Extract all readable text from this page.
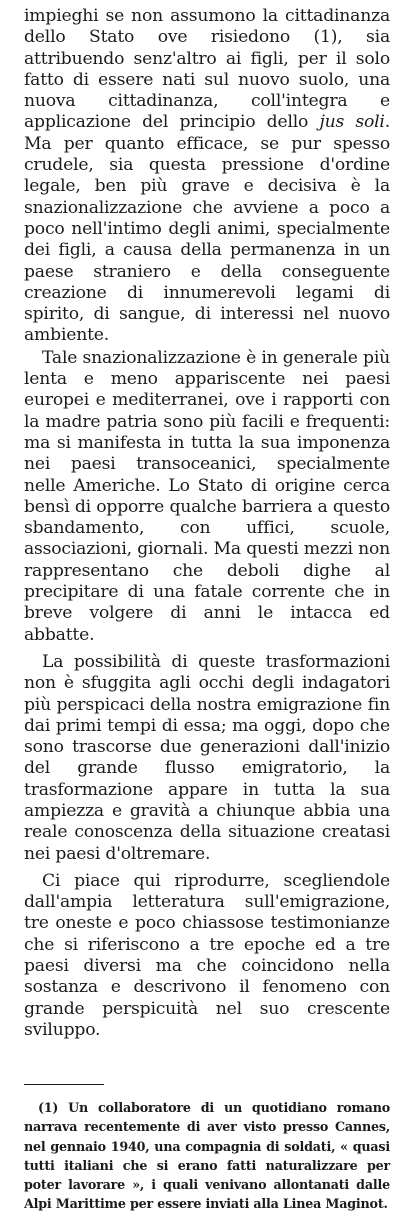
impieghi se non assumono la cittadinanza dello Stato ove risiedono (1), sia attribuendo senz'altro ai figli, per il solo fatto di essere nati sul nuovo suolo, una nuova cittadinanza, coll'integra e applicazione del principio dello jus soli. Ma per quanto efficace, se pur spesso crudele, sia questa pressione d'ordine legale, ben più grave e decisiva è la snazionalizzazione che avviene a poco a poco nell'intimo degli animi, specialmente dei figli, a causa della permanenza in un paese straniero e della conseguente creazione di innumerevoli legami di spirito, di sangue, di interessi nel nuovo ambiente.

Tale snazionalizzazione è in generale più lenta e meno appariscente nei paesi europei e mediterranei, ove i rapporti con la madre patria sono più facili e frequenti: ma si manifesta in tutta la sua imponenza nei paesi transoceanici, specialmente nelle Americhe. Lo Stato di origine cerca bensì di opporre qualche barriera a questo sbandamento, con uffici, scuole, associazioni, giornali. Ma questi mezzi non rappresentano che deboli dighe al precipitare di una fatale corrente che in breve volgere di anni le intacca ed abbatte.

La possibilità di queste trasformazioni non è sfuggita agli occhi degli indagatori più perspicaci della nostra emigrazione fin dai primi tempi di essa; ma oggi, dopo che sono trascorse due generazioni dall'inizio del grande flusso emigratorio, la trasformazione appare in tutta la sua ampiezza e gravità a chiunque abbia una reale conoscenza della situazione creatasi nei paesi d'oltremare.

Ci piace qui riprodurre, scegliendole dall'ampia letteratura sull'emigrazione, tre oneste e poco chiassose testimonianze che si riferiscono a tre epoche ed a tre paesi diversi ma che coincidono nella sostanza e descrivono il fenomeno con grande perspicuità nel suo crescente sviluppo.

(1) Un collaboratore di un quotidiano romano narrava recentemente di aver visto presso Cannes, nel gennaio 1940, una compagnia di soldati, « quasi tutti italiani che si erano fatti naturalizzare per poter lavorare », i quali venivano allontanati dalle Alpi Marittime per essere inviati alla Linea Maginot.
